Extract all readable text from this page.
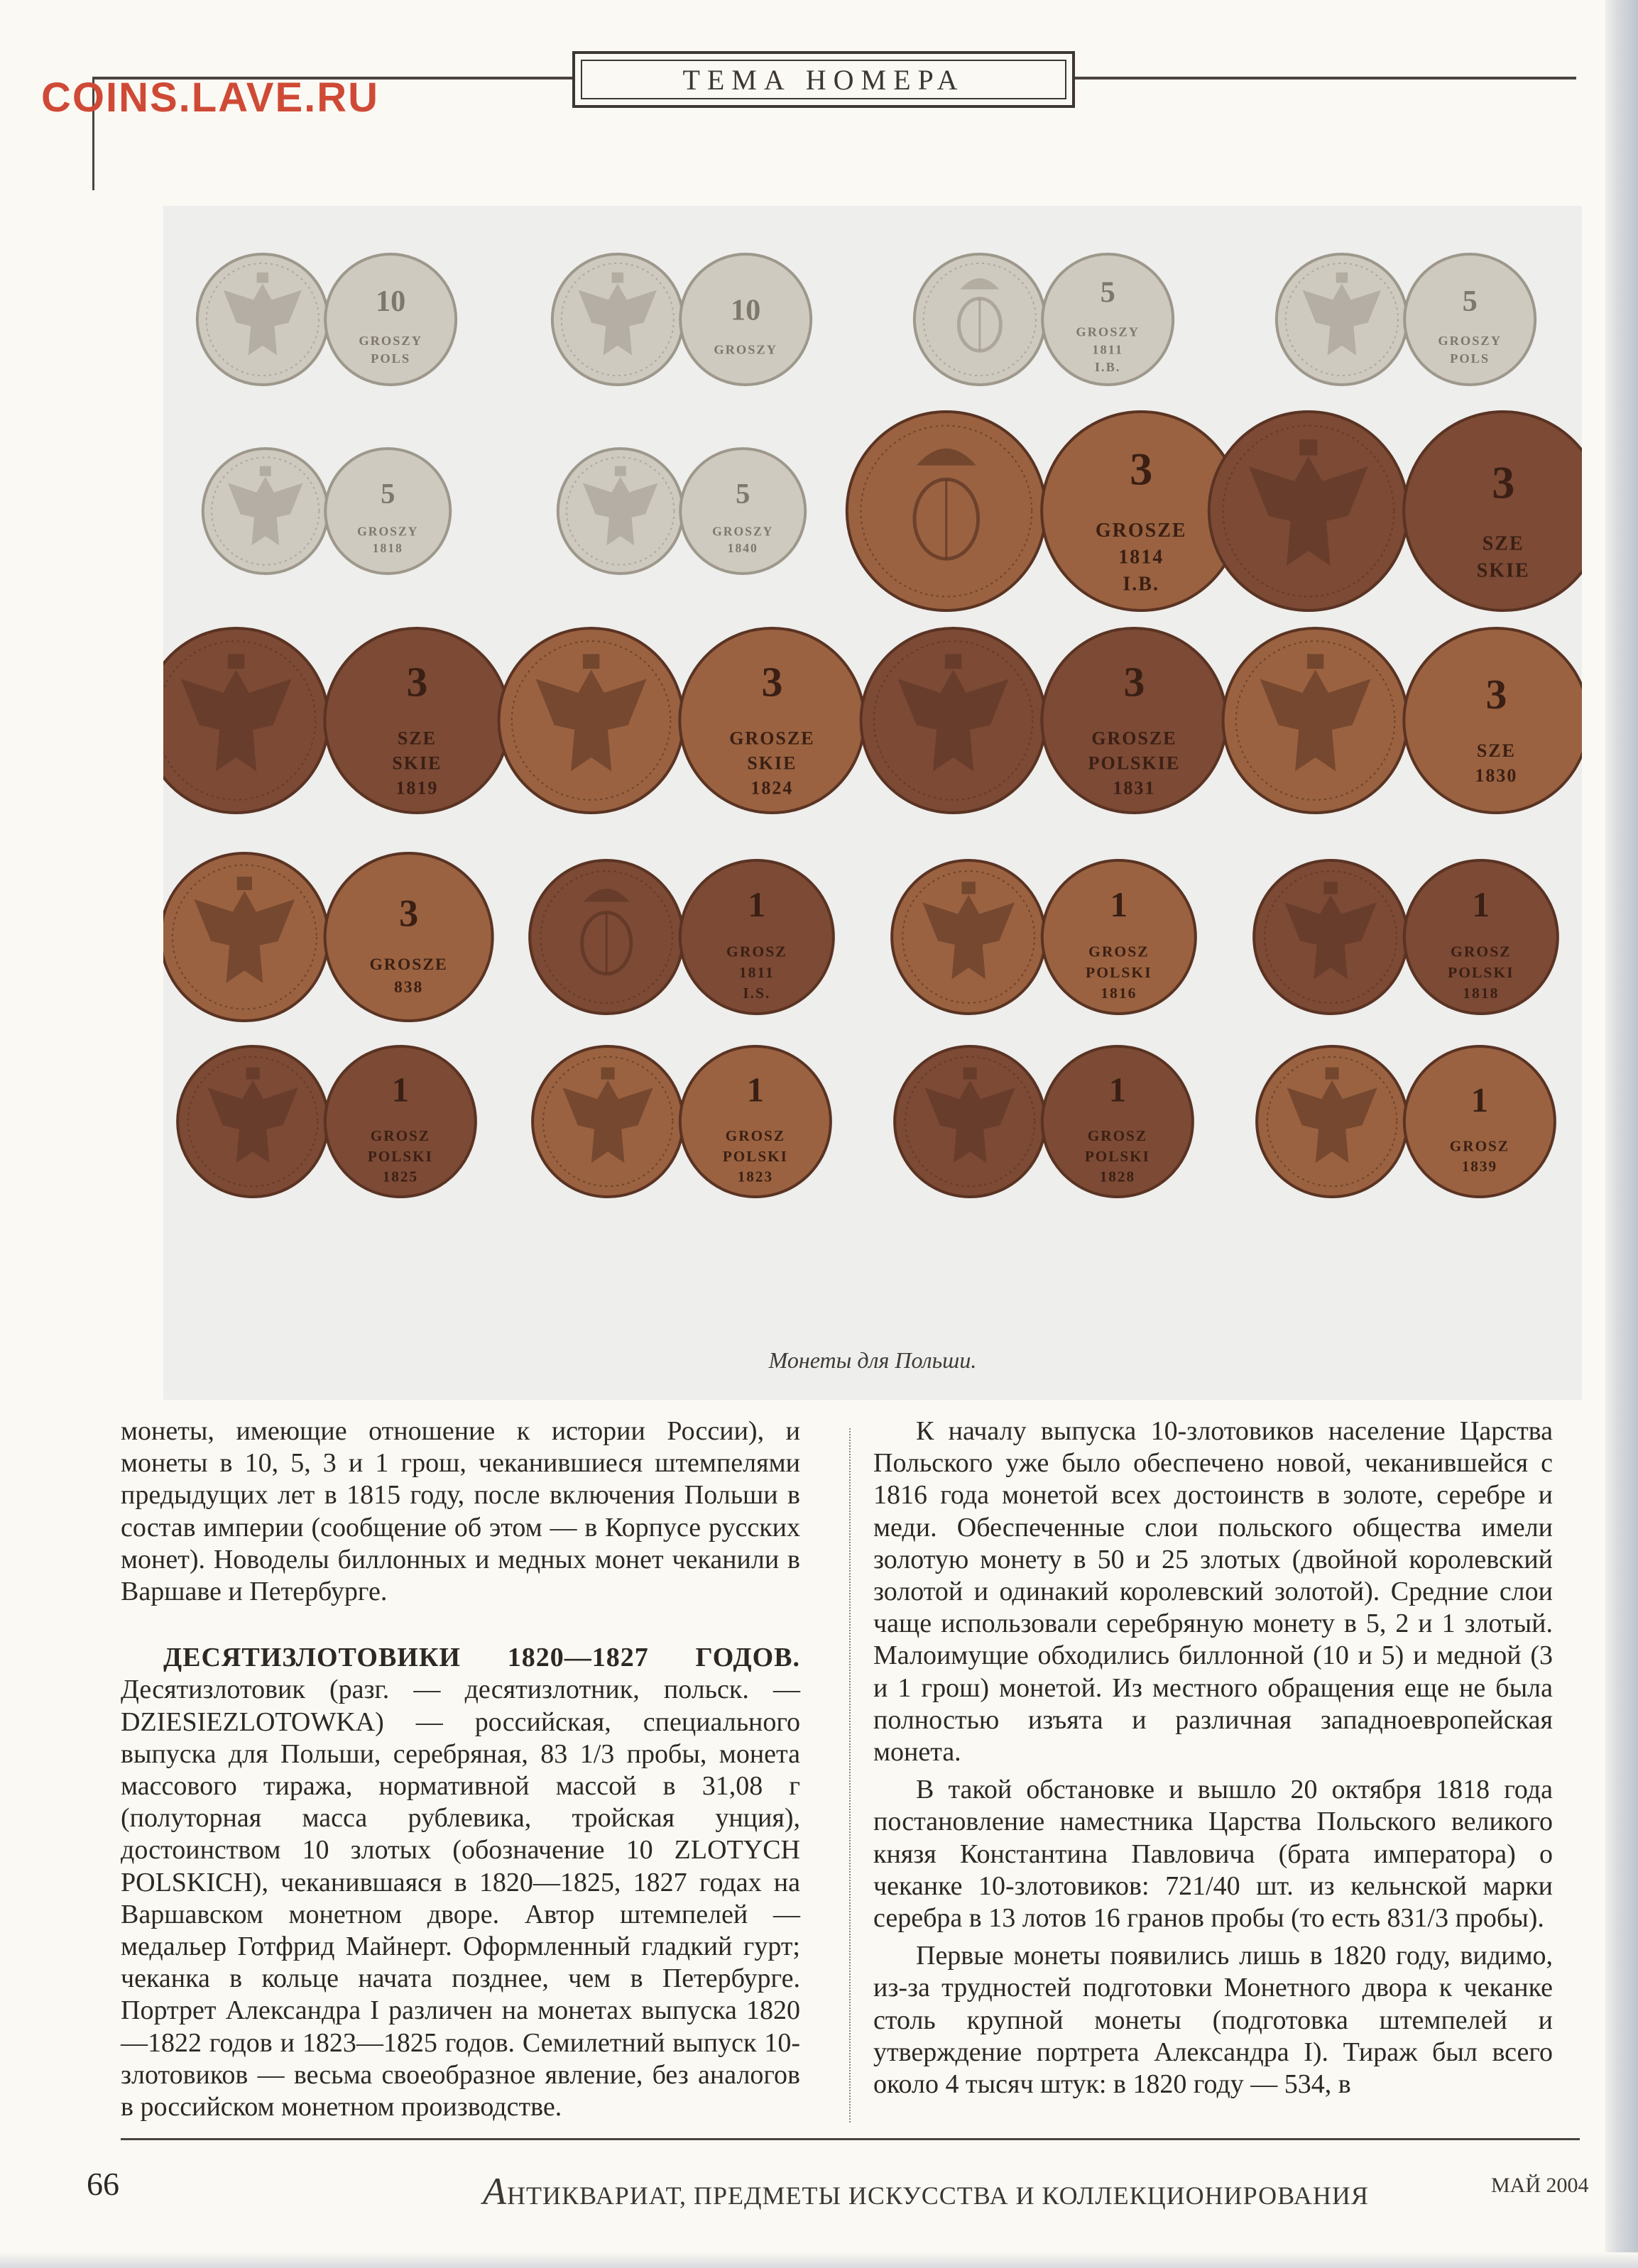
ТЕМА НОМЕРА
COINS.LAVE.RU
10
GROSZY
POLS
10
GROSZY
5
GROSZY
1811
I.B.
5
GROSZY
POLS
5
GROSZY
1818
5
GROSZY
1840
3
GROSZE
1814
I.B.
3
SZE
SKIE
3
SZE
SKIE
1819
3
GROSZE
SKIE
1824
3
GROSZE
POLSKIE
1831
3
SZE
1830
3
GROSZE
838
1
GROSZ
1811
I.S.
1
GROSZ
POLSKI
1816
1
GROSZ
POLSKI
1818
1
GROSZ
POLSKI
1825
1
GROSZ
POLSKI
1823
1
GROSZ
POLSKI
1828
1
GROSZ
1839
Монеты для Польши.

монеты, имеющие отношение к истории России), и монеты в 10, 5, 3 и 1 грош, чеканившиеся штемпелями предыдущих лет в 1815 году, после включения Польши в состав империи (сообщение об этом — в Корпусе русских монет). Новоделы биллонных и медных монет чеканили в Варшаве и Петербурге.

ДЕСЯТИЗЛОТОВИКИ 1820—1827 ГОДОВ. Десятизлотовик (разг. — десятизлотник, польск. — DZIESIEZLOTOWKA) — российская, специального выпуска для Польши, серебряная, 83 1/3 пробы, монета массового тиража, нормативной массой в 31,08 г (полуторная масса рублевика, тройская унция), достоинством 10 злотых (обозначение 10 ZLOTYCH POLSKICH), чеканившаяся в 1820—1825, 1827 годах на Варшавском монетном дворе. Автор штемпелей — медальер Готфрид Майнерт. Оформленный гладкий гурт; чеканка в кольце начата позднее, чем в Петербурге. Портрет Александра I различен на монетах выпуска 1820—1822 годов и 1823—1825 годов. Семилетний выпуск 10-злотовиков — весьма своеобразное явление, без аналогов в российском монетном производстве.

К началу выпуска 10-злотовиков население Царства Польского уже было обеспечено новой, чеканившейся с 1816 года монетой всех достоинств в золоте, серебре и меди. Обеспеченные слои польского общества имели золотую монету в 50 и 25 злотых (двойной королевский золотой и одинакий королевский золотой). Средние слои чаще использовали серебряную монету в 5, 2 и 1 злотый. Малоимущие обходились биллонной (10 и 5) и медной (3 и 1 грош) монетой. Из местного обращения еще не была полностью изъята и различная западноевропейская монета.

В такой обстановке и вышло 20 октября 1818 года постановление наместника Царства Польского великого князя Константина Павловича (брата императора) о чеканке 10-злотовиков: 721/40 шт. из кельнской марки серебра в 13 лотов 16 гранов пробы (то есть 831/3 пробы).

Первые монеты появились лишь в 1820 году, видимо, из-за трудностей подготовки Монетного двора к чеканке столь крупной монеты (подготовка штемпелей и утверждение портрета Александра I). Тираж был всего около 4 тысяч штук: в 1820 году — 534, в

66	АНТИКВАРИАТ, ПРЕДМЕТЫ ИСКУССТВА И КОЛЛЕКЦИОНИРОВАНИЯ	МАЙ 2004
